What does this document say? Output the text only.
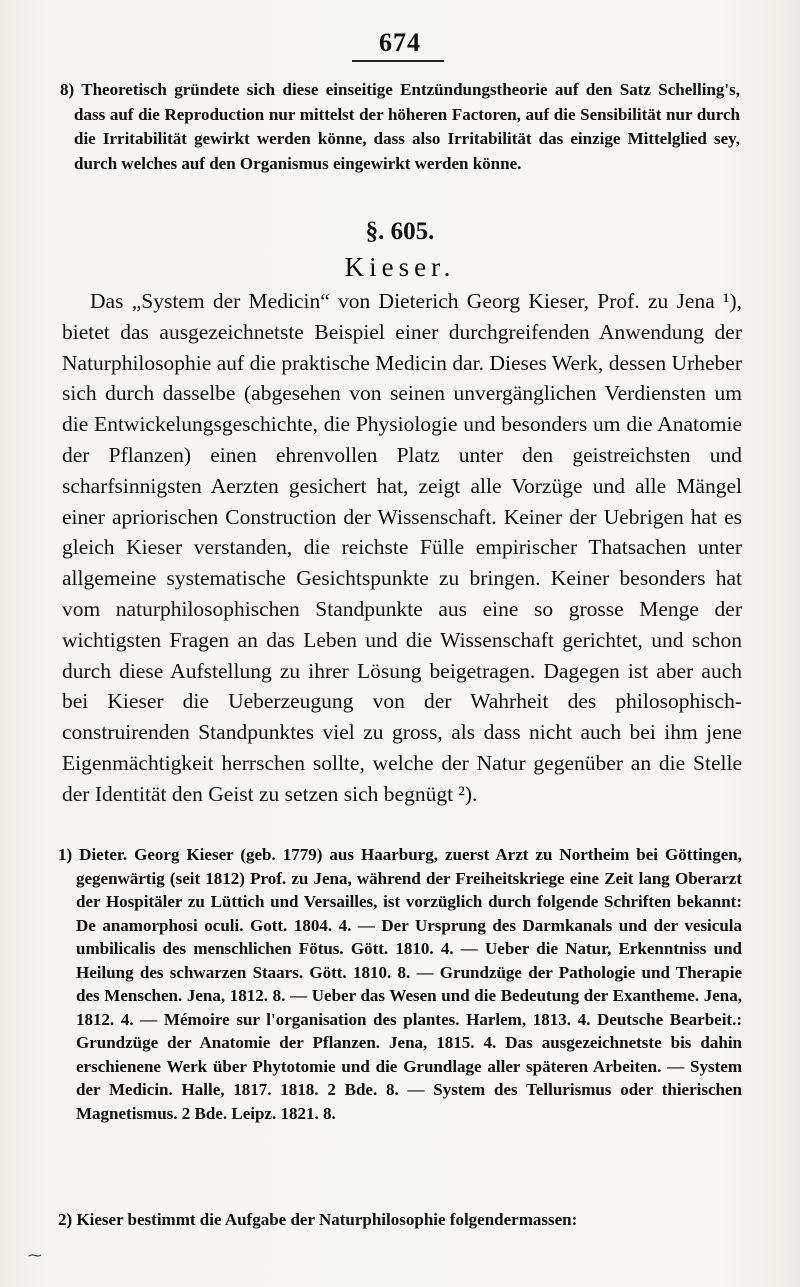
674
8) Theoretisch gründete sich diese einseitige Entzündungstheorie auf den Satz Schelling's, dass auf die Reproduction nur mittelst der höheren Factoren, auf die Sensibilität nur durch die Irritabilität gewirkt werden könne, dass also Irritabilität das einzige Mittelglied sey, durch welches auf den Organismus eingewirkt werden könne.
§. 605.
Kieser.
Das „System der Medicin“ von Dieterich Georg Kieser, Prof. zu Jena ¹), bietet das ausgezeichnetste Beispiel einer durchgreifenden Anwendung der Naturphilosophie auf die praktische Medicin dar. Dieses Werk, dessen Urheber sich durch dasselbe (abgesehen von seinen unvergänglichen Verdiensten um die Entwickelungsgeschichte, die Physiologie und besonders um die Anatomie der Pflanzen) einen ehrenvollen Platz unter den geistreichsten und scharfsinnigsten Aerzten gesichert hat, zeigt alle Vorzüge und alle Mängel einer apriorischen Construction der Wissenschaft. Keiner der Uebrigen hat es gleich Kieser verstanden, die reichste Fülle empirischer Thatsachen unter allgemeine systematische Gesichtspunkte zu bringen. Keiner besonders hat vom naturphilosophischen Standpunkte aus eine so grosse Menge der wichtigsten Fragen an das Leben und die Wissenschaft gerichtet, und schon durch diese Aufstellung zu ihrer Lösung beigetragen. Dagegen ist aber auch bei Kieser die Ueberzeugung von der Wahrheit des philosophisch-construirenden Standpunktes viel zu gross, als dass nicht auch bei ihm jene Eigenmächtigkeit herrschen sollte, welche der Natur gegenüber an die Stelle der Identität den Geist zu setzen sich begnügt ²).
1) Dieter. Georg Kieser (geb. 1779) aus Haarburg, zuerst Arzt zu Northeim bei Göttingen, gegenwärtig (seit 1812) Prof. zu Jena, während der Freiheitskriege eine Zeit lang Oberarzt der Hospitäler zu Lüttich und Versailles, ist vorzüglich durch folgende Schriften bekannt: De anamorphosi oculi. Gott. 1804. 4. — Der Ursprung des Darmkanals und der vesicula umbilicalis des menschlichen Fötus. Gött. 1810. 4. — Ueber die Natur, Erkenntniss und Heilung des schwarzen Staars. Gött. 1810. 8. — Grundzüge der Pathologie und Therapie des Menschen. Jena, 1812. 8. — Ueber das Wesen und die Bedeutung der Exantheme. Jena, 1812. 4. — Mémoire sur l'organisation des plantes. Harlem, 1813. 4. Deutsche Bearbeit.: Grundzüge der Anatomie der Pflanzen. Jena, 1815. 4. Das ausgezeichnetste bis dahin erschienene Werk über Phytotomie und die Grundlage aller späteren Arbeiten. — System der Medicin. Halle, 1817. 1818. 2 Bde. 8. — System des Tellurismus oder thierischen Magnetismus. 2 Bde. Leipz. 1821. 8.
2) Kieser bestimmt die Aufgabe der Naturphilosophie folgendermassen:
⁓
